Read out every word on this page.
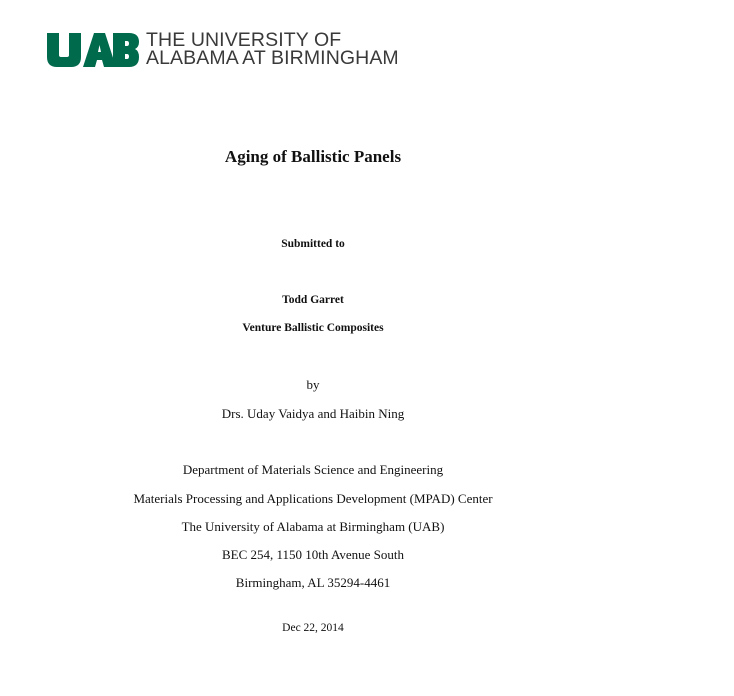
THE UNIVERSITY OF
ALABAMA AT BIRMINGHAM
Aging of Ballistic Panels
Submitted to
Todd Garret
Venture Ballistic Composites
by
Drs. Uday Vaidya and Haibin Ning
Department of Materials Science and Engineering
Materials Processing and Applications Development (MPAD) Center
The University of Alabama at Birmingham (UAB)
BEC 254, 1150 10th Avenue South
Birmingham, AL 35294-4461
Dec 22, 2014
